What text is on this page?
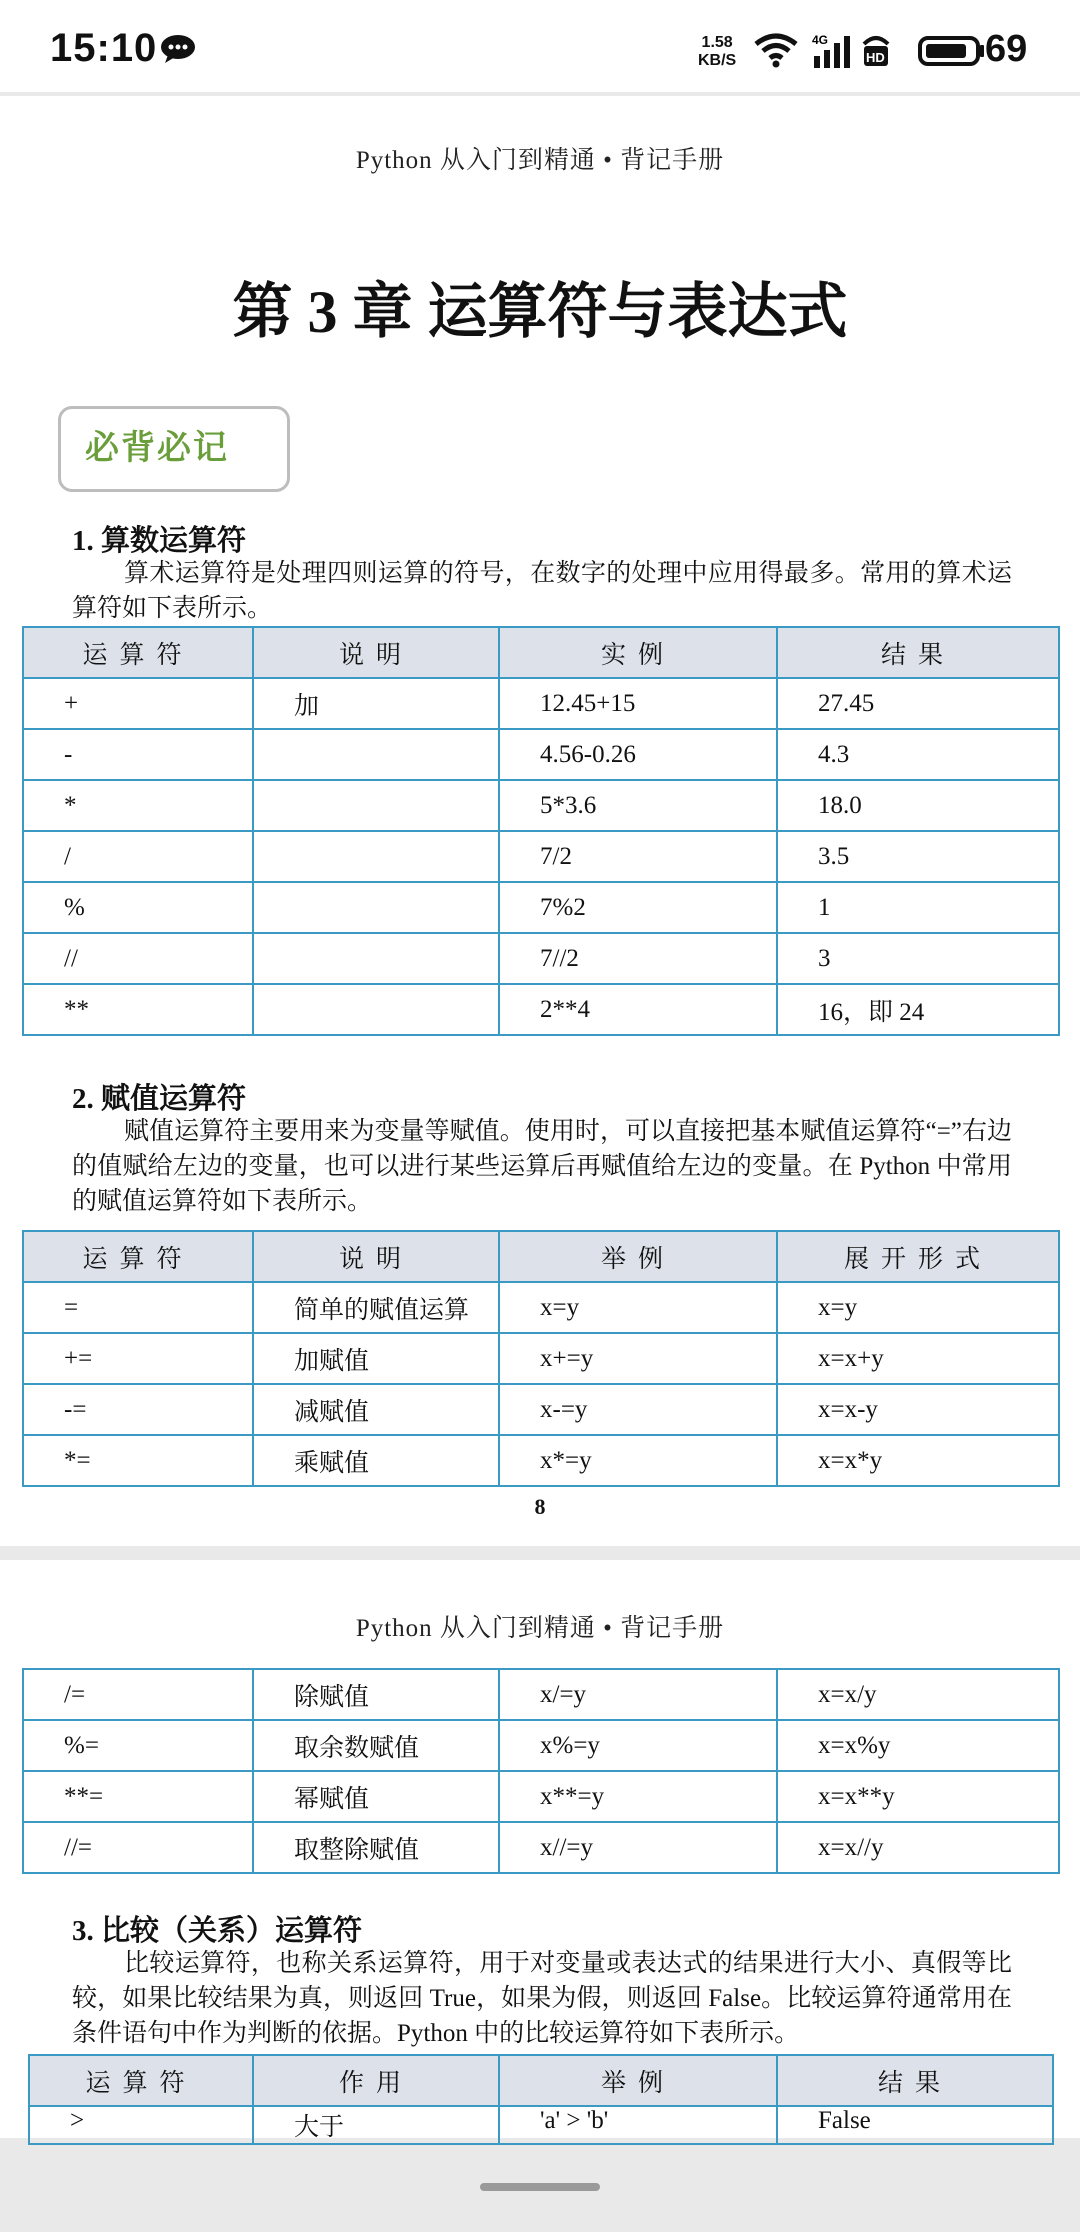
15:10	1.58
KB/S
4G
HD	69
Python 从入门到精通 • 背记手册
第 3 章 运算符与表达式
必背必记
1. 算数运算符
算术运算符是处理四则运算的符号，在数字的处理中应用得最多。常用的算术运算符如下表所示。
运算符	说明	实例	结果
+	加	12.45+15	27.45
-		4.56-0.26	4.3
*		5*3.6	18.0
/		7/2	3.5
%		7%2	1
//		7//2	3
**		2**4	16，即 24
2. 赋值运算符
赋值运算符主要用来为变量等赋值。使用时，可以直接把基本赋值运算符“=”右边的值赋给左边的变量，也可以进行某些运算后再赋值给左边的变量。在 Python 中常用的赋值运算符如下表所示。
运算符	说明	举例	展开形式
=	简单的赋值运算	x=y	x=y
+=	加赋值	x+=y	x=x+y
-=	减赋值	x-=y	x=x-y
*=	乘赋值	x*=y	x=x*y
8
Python 从入门到精通 • 背记手册
/=	除赋值	x/=y	x=x/y
%=	取余数赋值	x%=y	x=x%y
**=	幂赋值	x**=y	x=x**y
//=	取整除赋值	x//=y	x=x//y
3. 比较（关系）运算符
比较运算符，也称关系运算符，用于对变量或表达式的结果进行大小、真假等比较，如果比较结果为真，则返回 True，如果为假，则返回 False。比较运算符通常用在条件语句中作为判断的依据。Python 中的比较运算符如下表所示。
运算符	作用	举例	结果
>	大于	'a' > 'b'	False
